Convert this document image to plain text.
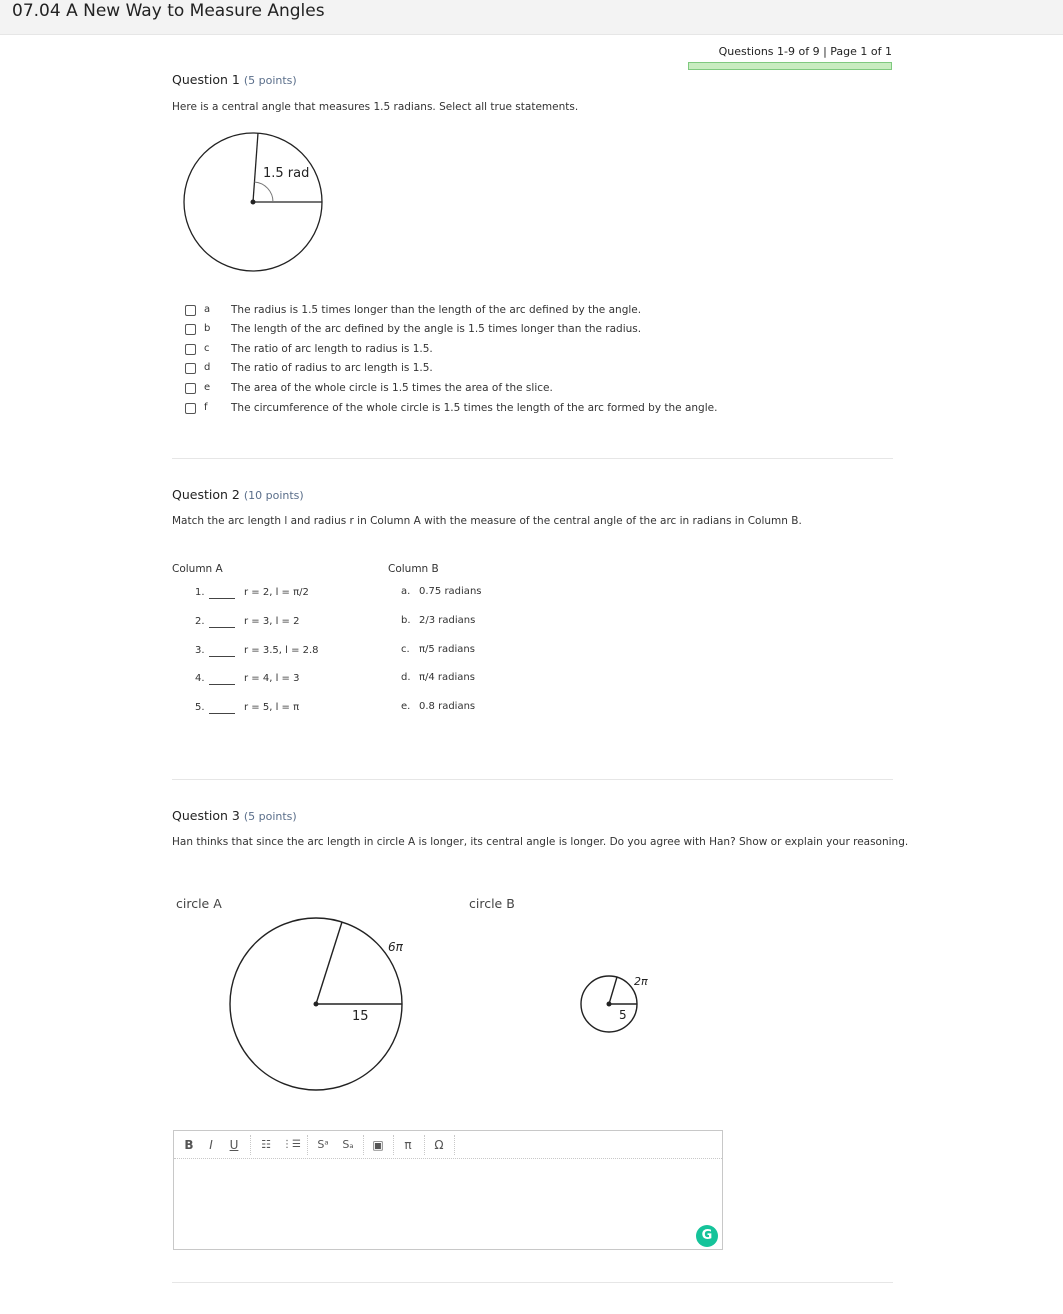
07.04 A New Way to Measure Angles
Questions 1-9 of 9 | Page 1 of 1
Question 1 (5 points)
Here is a central angle that measures 1.5 radians. Select all true statements.
1.5 rad
a The radius is 1.5 times longer than the length of the arc defined by the angle.
b The length of the arc defined by the angle is 1.5 times longer than the radius.
c The ratio of arc length to radius is 1.5.
d The ratio of radius to arc length is 1.5.
e The area of the whole circle is 1.5 times the area of the slice.
f The circumference of the whole circle is 1.5 times the length of the arc formed by the angle.
Question 2 (10 points)
Match the arc length l and radius r in Column A with the measure of the central angle of the arc in radians in Column B.
Column A	Column B
1.	r = 2, l = π/2	a. 0.75 radians
2.	r = 3, l = 2	b. 2/3 radians
3.	r = 3.5, l = 2.8	c. π/5 radians
4.	r = 4, l = 3	d. π/4 radians
5.	r = 5, l = π	e. 0.8 radians
Question 3 (5 points)
Han thinks that since the arc length in circle A is longer, its central angle is longer. Do you agree with Han? Show or explain your reasoning.
circle A	circle B
6π
15
2π
5
B	I	U ☷	⋮☰	Sᵃ	Sₐ ▣ π Ω
G
